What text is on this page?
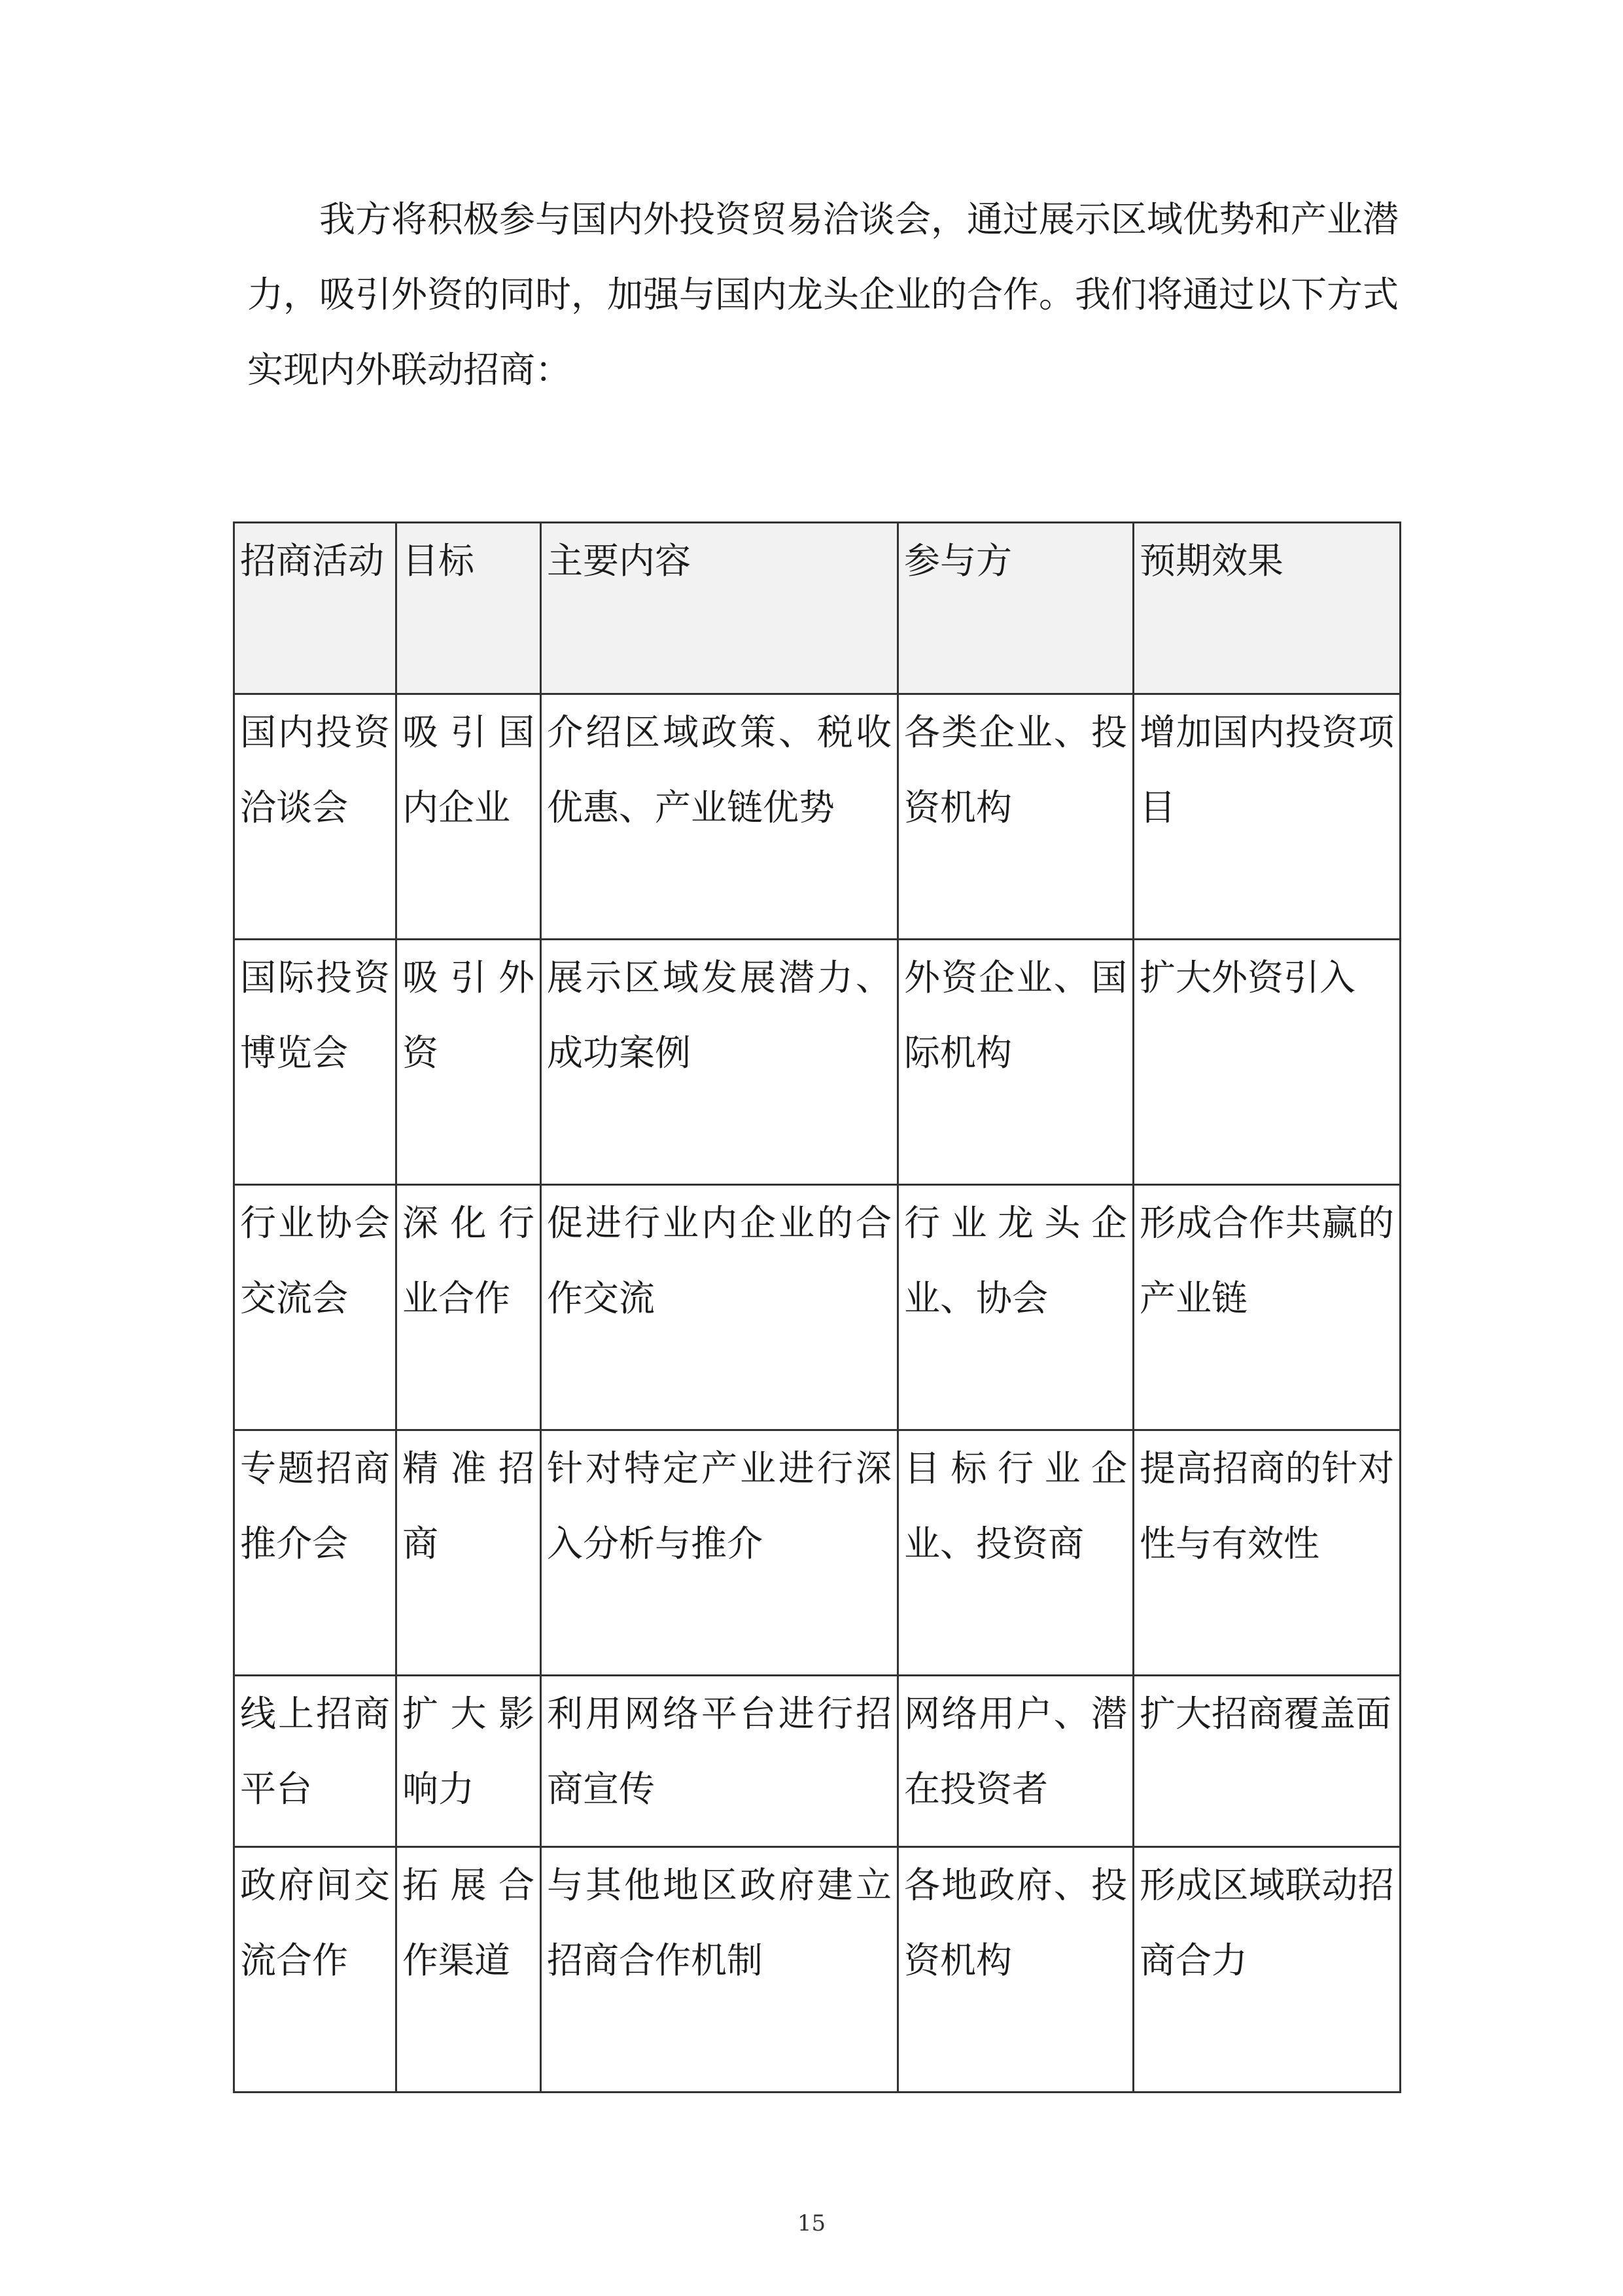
我方将积极参与国内外投资贸易洽谈会，通过展示区域优势和产业潜力，吸引外资的同时，加强与国内龙头企业的合作。我们将通过以下方式实现内外联动招商：

招商活动	目标	主要内容	参与方	预期效果
国内投资洽谈会	吸引国内企业	介绍区域政策、税收优惠、产业链优势	各类企业、投资机构	增加国内投资项目
国际投资博览会	吸引外资	展示区域发展潜力、成功案例	外资企业、国际机构	扩大外资引入
行业协会交流会	深化行业合作	促进行业内企业的合作交流	行业龙头企业、协会	形成合作共赢的产业链
专题招商推介会	精准招商	针对特定产业进行深入分析与推介	目标行业企业、投资商	提高招商的针对性与有效性
线上招商平台	扩大影响力	利用网络平台进行招商宣传	网络用户、潜在投资者	扩大招商覆盖面
政府间交流合作	拓展合作渠道	与其他地区政府建立招商合作机制	各地政府、投资机构	形成区域联动招商合力
15
